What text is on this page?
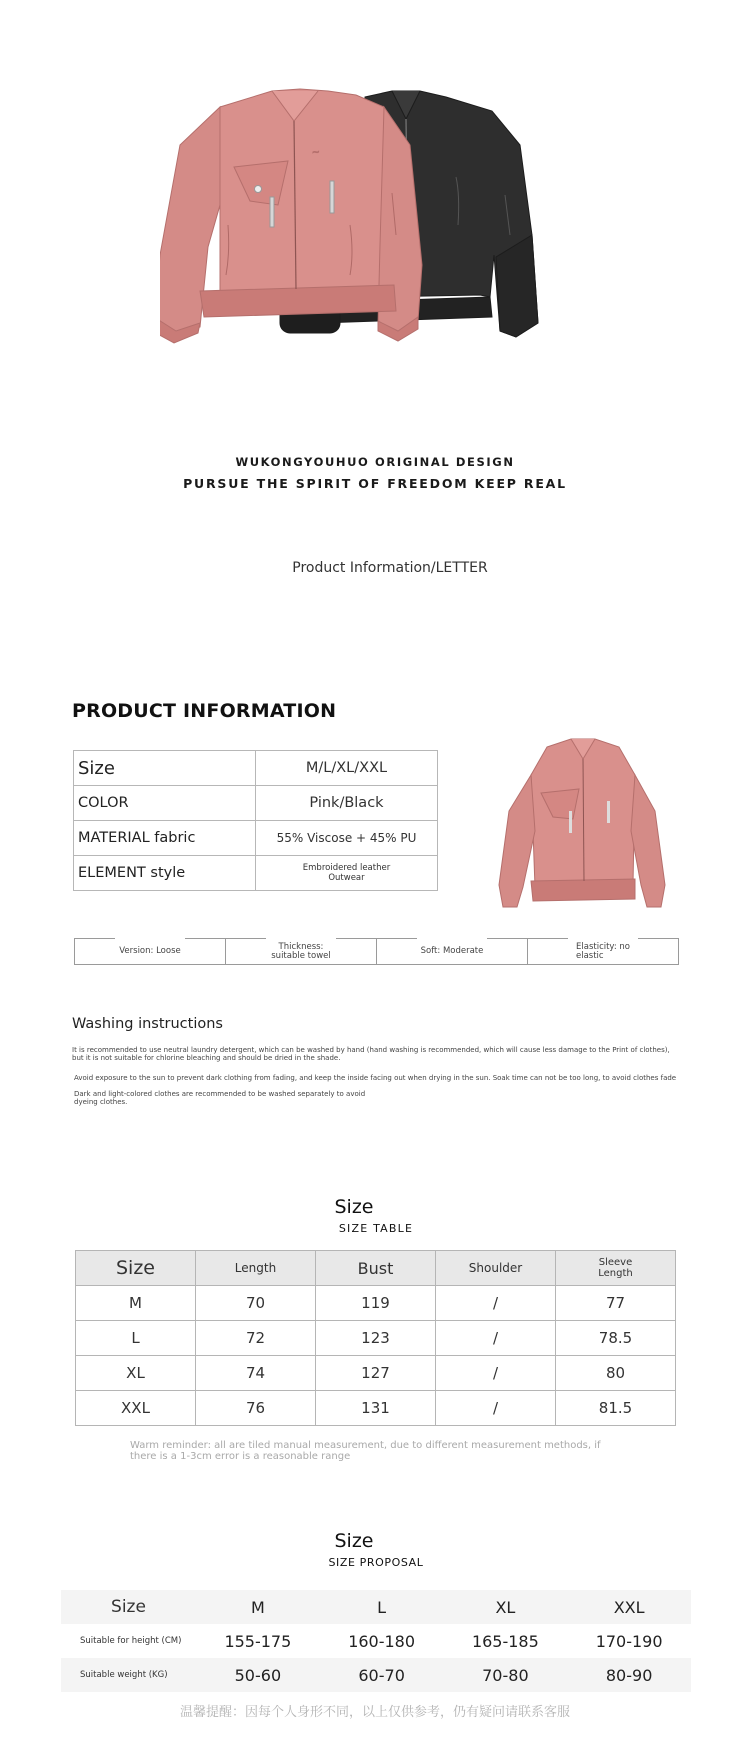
~
WUKONGYOUHUO ORIGINAL DESIGN
PURSUE THE SPIRIT OF FREEDOM KEEP REAL
Product Information/LETTER
PRODUCT INFORMATION
Size	M/L/XL/XXL
COLOR	Pink/Black
MATERIAL fabric	55% Viscose + 45% PU
ELEMENT style	Embroidered leather
Outwear
Version: Loose	Thickness:
suitable towel	Soft: Moderate	Elasticity: no
elastic
Washing instructions
It is recommended to use neutral laundry detergent, which can be washed by hand (hand washing is recommended, which will cause less damage to the Print of clothes), but it is not suitable for chlorine bleaching and should be dried in the shade.
Avoid exposure to the sun to prevent dark clothing from fading, and keep the inside facing out when drying in the sun. Soak time can not be too long, to avoid clothes fade
Dark and light-colored clothes are recommended to be washed separately to avoid dyeing clothes.
Size
SIZE TABLE
Size	Length	Bust	Shoulder	Sleeve
Length
M	70	119	/	77
L	72	123	/	78.5
XL	74	127	/	80
XXL	76	131	/	81.5
Warm reminder: all are tiled manual measurement, due to different measurement methods, if there is a 1-3cm error is a reasonable range
Size
SIZE PROPOSAL
Size	M	L	XL	XXL
Suitable for height (CM)	155-175	160-180	165-185	170-190
Suitable weight (KG)	50-60	60-70	70-80	80-90
温馨提醒：因每个人身形不同，以上仅供参考，仍有疑问请联系客服
